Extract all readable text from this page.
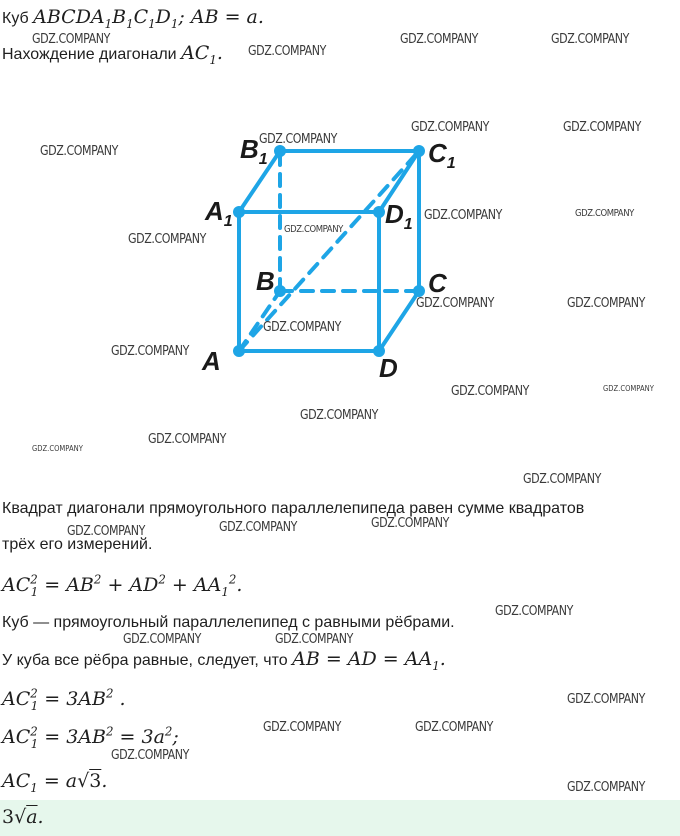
Куб $ABCDA_1B_1C_1D_1$; AB = a.
Нахождение диагонали $AC_1$.
$B_1$	$C_1$
$A_1$	$D_1$
B	C
A	D
Квадрат диагонали прямоугольного параллелепипеда равен сумме квадратов
трёх его измерений.
$AC^2_1 = AB^2 + AD^2 + AA_1^2$.
Куб — прямоугольный параллелепипед с равными рёбрами.
У куба все рёбра равные, следует, что AB = AD = $AA_1$.
$AC^2_1 = 3AB^2$ .
$AC^2_1 = 3AB^2 = 3a^2$;
$AC_1 = a√3$.
3√a.
GDZ.COMPANY
GDZ.COMPANY
GDZ.COMPANY	GDZ.COMPANY
GDZ.COMPANY
GDZ.COMPANY
GDZ.COMPANY	GDZ.COMPANY
GDZ.COMPANY	GDZ.COMPANY
GDZ.COMPANY
GDZ.COMPANY
GDZ.COMPANY	GDZ.COMPANY
GDZ.COMPANY
GDZ.COMPANY
GDZ.COMPANY	GDZ.COMPANY
GDZ.COMPANY
GDZ.COMPANY
GDZ.COMPANY
GDZ.COMPANY
GDZ.COMPANY
GDZ.COMPANY
GDZ.COMPANY
GDZ.COMPANY
GDZ.COMPANY	GDZ.COMPANY
GDZ.COMPANY
GDZ.COMPANY	GDZ.COMPANY
GDZ.COMPANY
GDZ.COMPANY
